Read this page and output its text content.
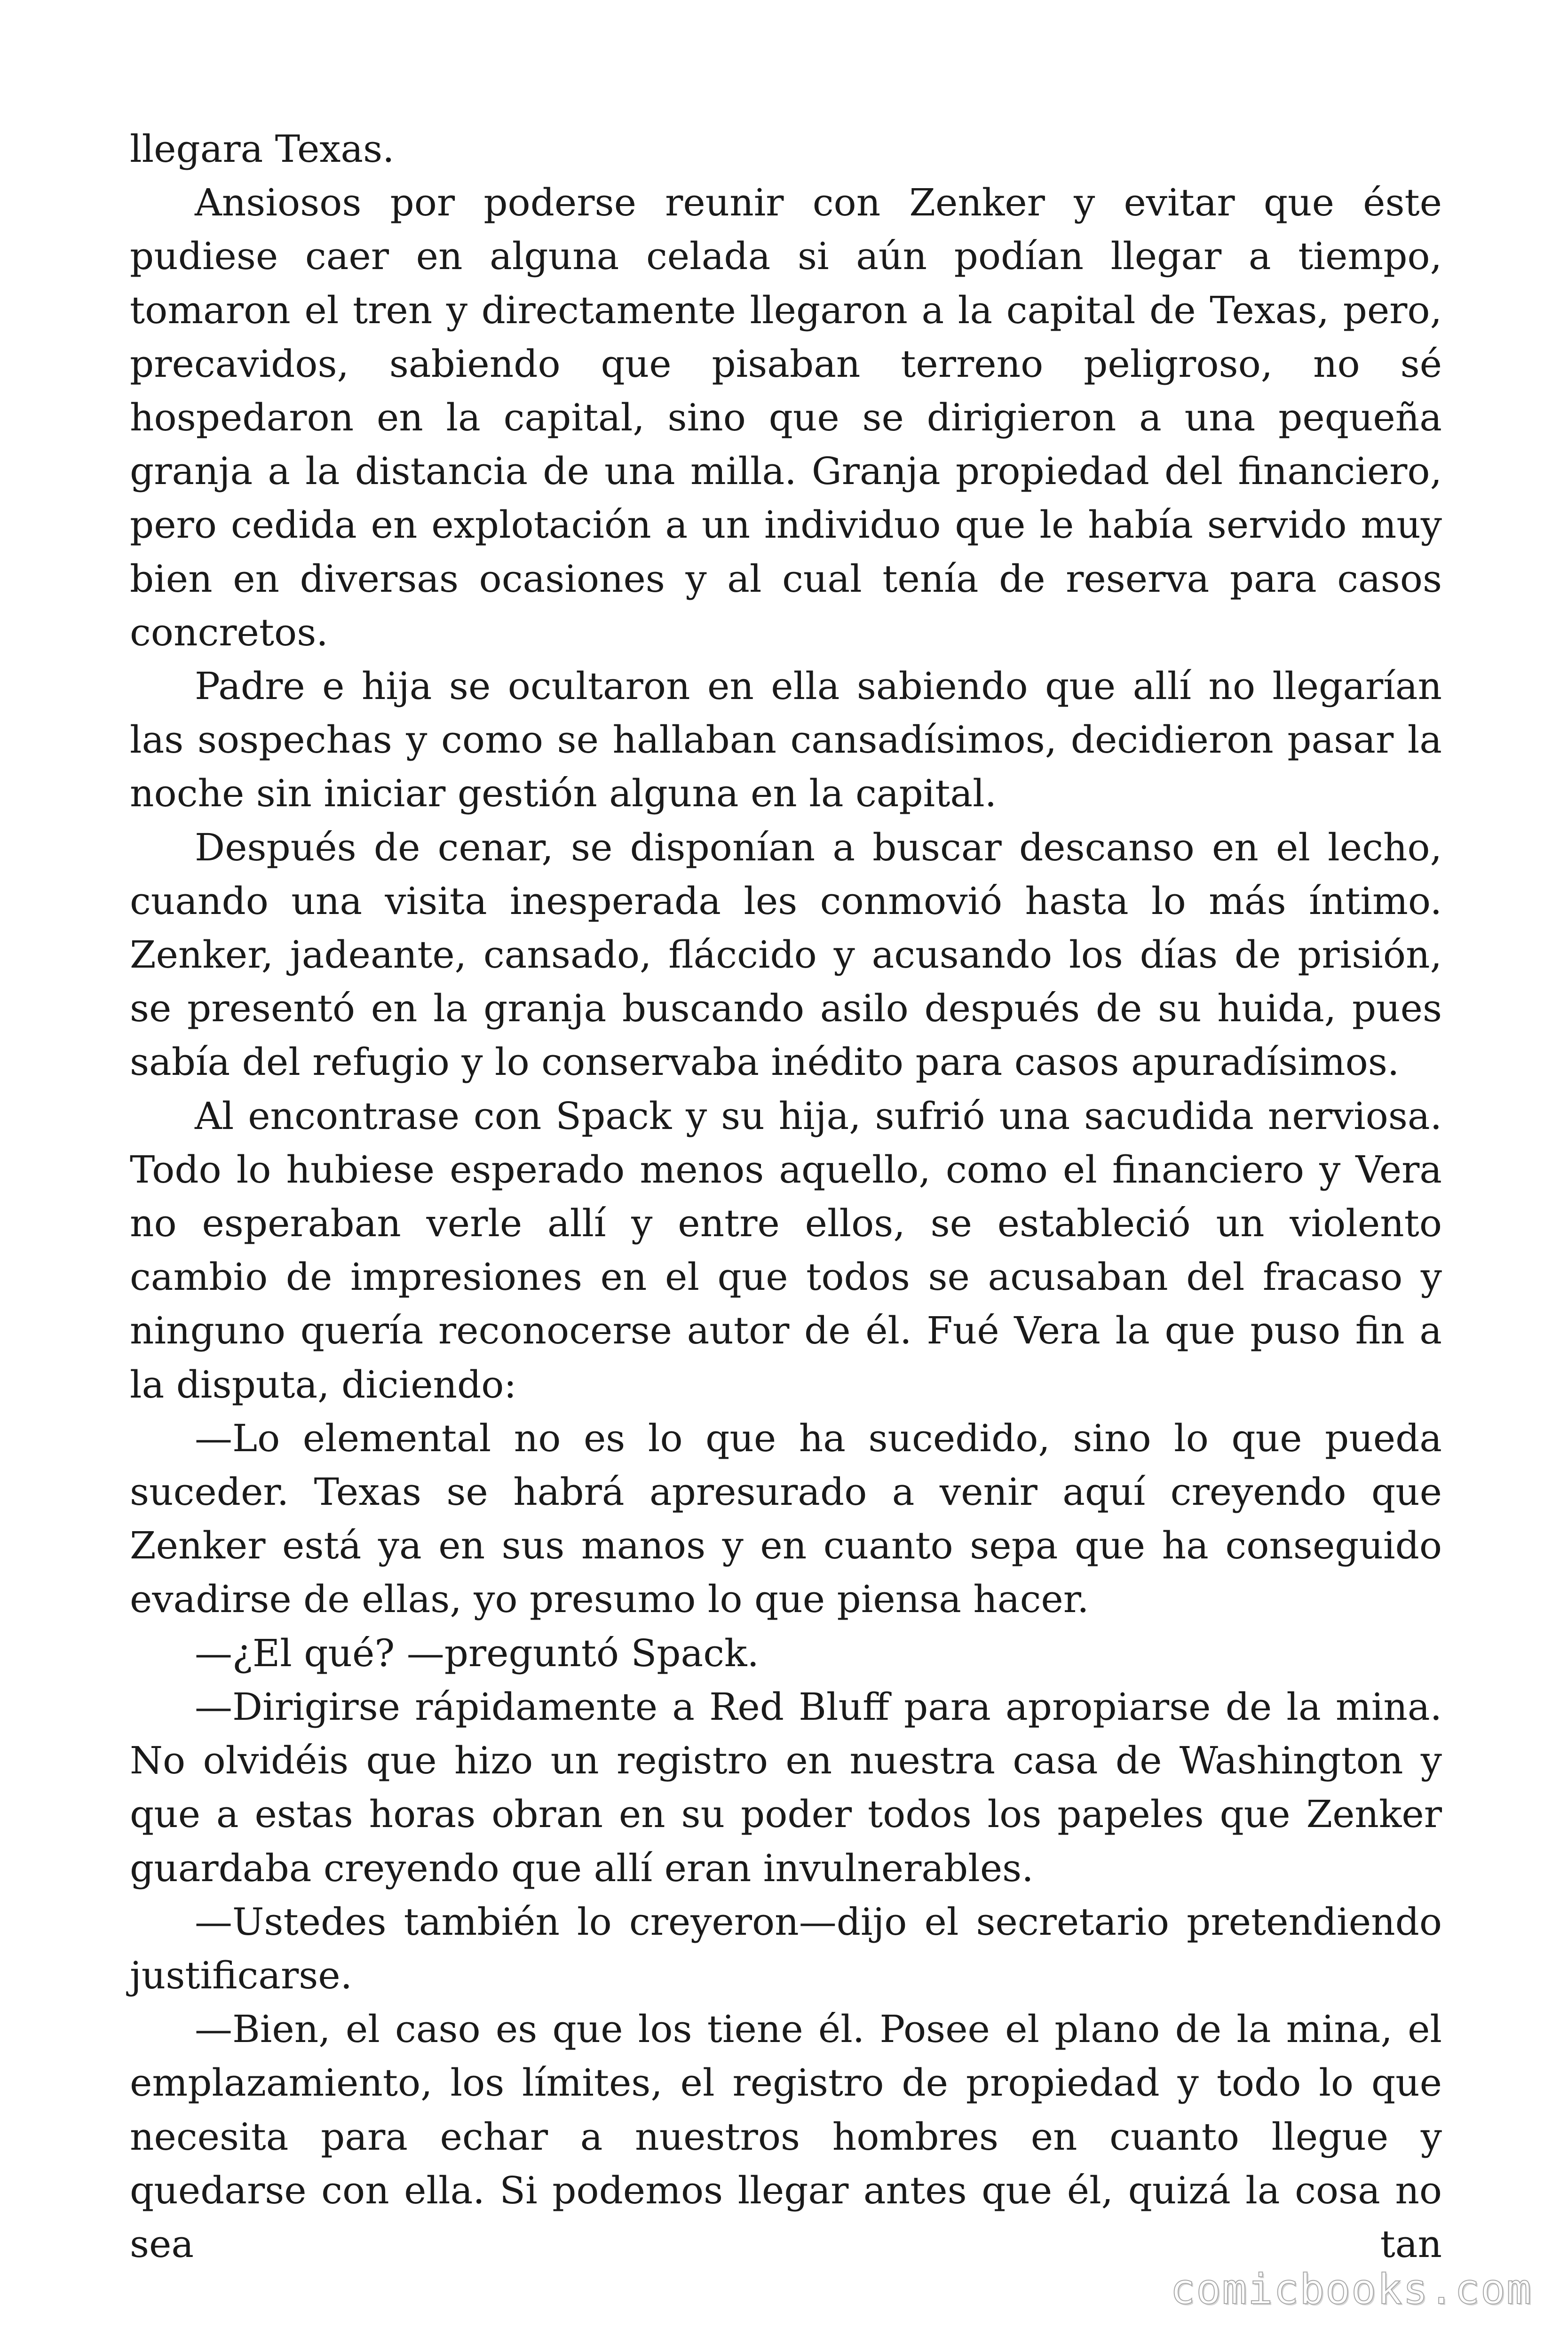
llegara Texas.

Ansiosos por poderse reunir con Zenker y evitar que éste pudiese caer en alguna celada si aún podían llegar a tiempo, tomaron el tren y directamente llegaron a la capital de Texas, pero, precavidos, sabiendo que pisaban terreno peligroso, no sé hospedaron en la capital, sino que se dirigieron a una pequeña granja a la distancia de una milla. Granja propiedad del financiero, pero cedida en explotación a un individuo que le había servido muy bien en diversas ocasiones y al cual tenía de reserva para casos concretos.

Padre e hija se ocultaron en ella sabiendo que allí no llegarían las sospechas y como se hallaban cansadísimos, decidieron pasar la noche sin iniciar gestión alguna en la capital.

Después de cenar, se disponían a buscar descanso en el lecho, cuando una visita inesperada les conmovió hasta lo más íntimo. Zenker, jadeante, cansado, fláccido y acusando los días de prisión, se presentó en la granja buscando asilo después de su huida, pues sabía del refugio y lo conservaba inédito para casos apuradísimos.

Al encontrase con Spack y su hija, sufrió una sacudida nerviosa. Todo lo hubiese esperado menos aquello, como el financiero y Vera no esperaban verle allí y entre ellos, se estableció un violento cambio de impresiones en el que todos se acusaban del fracaso y ninguno quería reconocerse autor de él. Fué Vera la que puso fin a la disputa, diciendo:

—Lo elemental no es lo que ha sucedido, sino lo que pueda suceder. Texas se habrá apresurado a venir aquí creyendo que Zenker está ya en sus manos y en cuanto sepa que ha conseguido evadirse de ellas, yo presumo lo que piensa hacer.

—¿El qué? —preguntó Spack.

—Dirigirse rápidamente a Red Bluff para apropiarse de la mina. No olvidéis que hizo un registro en nuestra casa de Washington y que a estas horas obran en su poder todos los papeles que Zenker guardaba creyendo que allí eran invulnerables.

—Ustedes también lo creyeron—dijo el secretario pretendiendo justificarse.

—Bien, el caso es que los tiene él. Posee el plano de la mina, el emplazamiento, los límites, el registro de propiedad y todo lo que necesita para echar a nuestros hombres en cuanto llegue y quedarse con ella. Si podemos llegar antes que él, quizá la cosa no sea tan

comicbooks.com
